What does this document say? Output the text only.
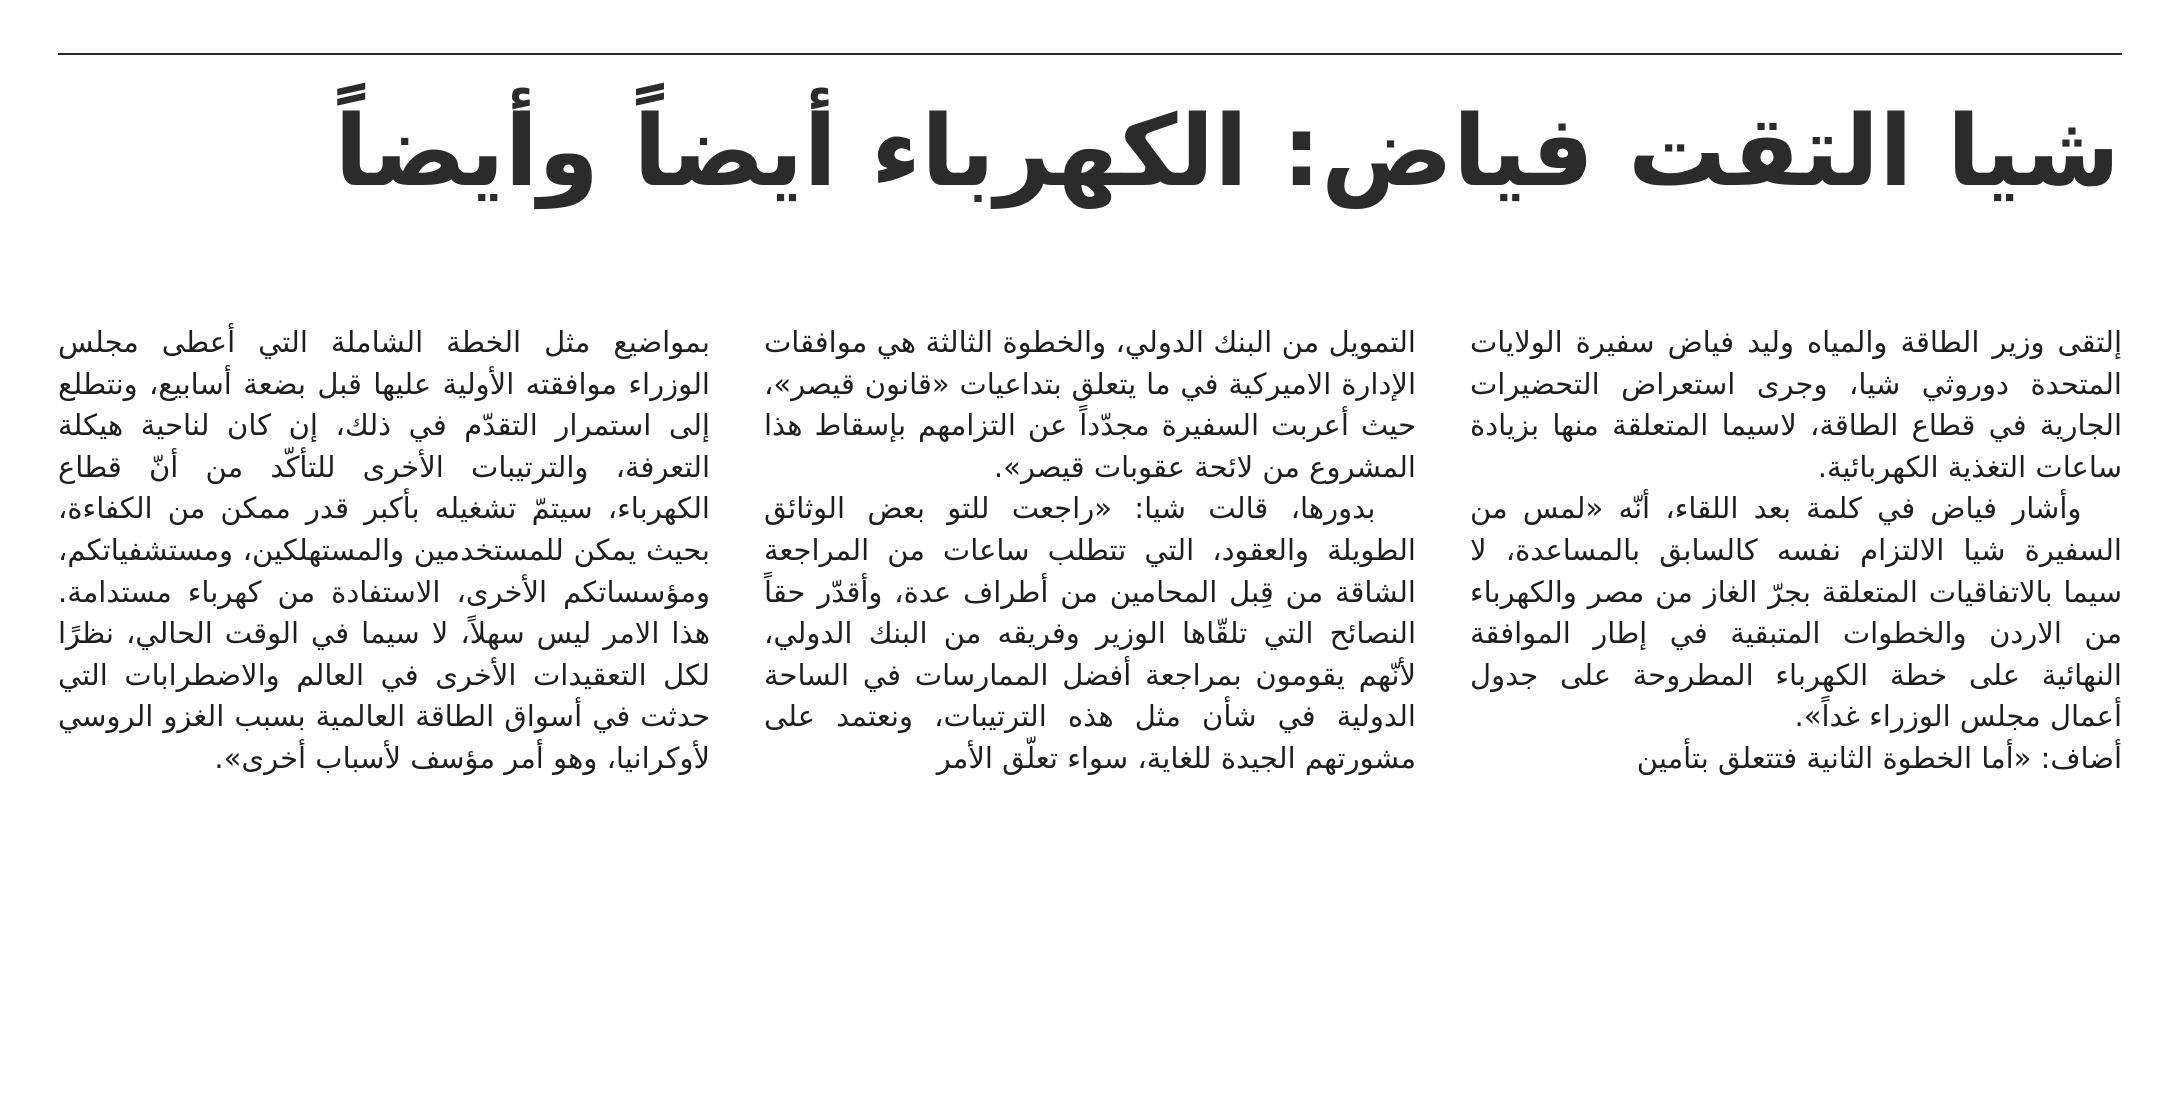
شيا التقت فياض: الكهرباء أيضاً وأيضاً

إلتقى وزير الطاقة والمياه وليد فياض سفيرة الولايات المتحدة دوروثي شيا، وجرى استعراض التحضيرات الجارية في قطاع الطاقة، لاسيما المتعلقة منها بزيادة ساعات التغذية الكهربائية.

وأشار فياض في كلمة بعد اللقاء، أنّه «لمس من السفيرة شيا الالتزام نفسه كالسابق بالمساعدة، لا سيما بالاتفاقيات المتعلقة بجرّ الغاز من مصر والكهرباء من الاردن والخطوات المتبقية في إطار الموافقة النهائية على خطة الكهرباء المطروحة على جدول أعمال مجلس الوزراء غداً».

أضاف: «أما الخطوة الثانية فتتعلق بتأمين

التمويل من البنك الدولي، والخطوة الثالثة هي موافقات الإدارة الاميركية في ما يتعلق بتداعيات «قانون قيصر»، حيث أعربت السفيرة مجدّداً عن التزامهم بإسقاط هذا المشروع من لائحة عقوبات قيصر».

بدورها، قالت شيا: «راجعت للتو بعض الوثائق الطويلة والعقود، التي تتطلب ساعات من المراجعة الشاقة من قِبل المحامين من أطراف عدة، وأقدّر حقاً النصائح التي تلقّاها الوزير وفريقه من البنك الدولي، لأنّهم يقومون بمراجعة أفضل الممارسات في الساحة الدولية في شأن مثل هذه الترتيبات، ونعتمد على مشورتهم الجيدة للغاية، سواء تعلّق الأمر

بمواضيع مثل الخطة الشاملة التي أعطى مجلس الوزراء موافقته الأولية عليها قبل بضعة أسابيع، ونتطلع إلى استمرار التقدّم في ذلك، إن كان لناحية هيكلة التعرفة، والترتيبات الأخرى للتأكّد من أنّ قطاع الكهرباء، سيتمّ تشغيله بأكبر قدر ممكن من الكفاءة، بحيث يمكن للمستخدمين والمستهلكين، ومستشفياتكم، ومؤسساتكم الأخرى، الاستفادة من كهرباء مستدامة. هذا الامر ليس سهلاً، لا سيما في الوقت الحالي، نظرًا لكل التعقيدات الأخرى في العالم والاضطرابات التي حدثت في أسواق الطاقة العالمية بسبب الغزو الروسي لأوكرانيا، وهو أمر مؤسف لأسباب أخرى».
